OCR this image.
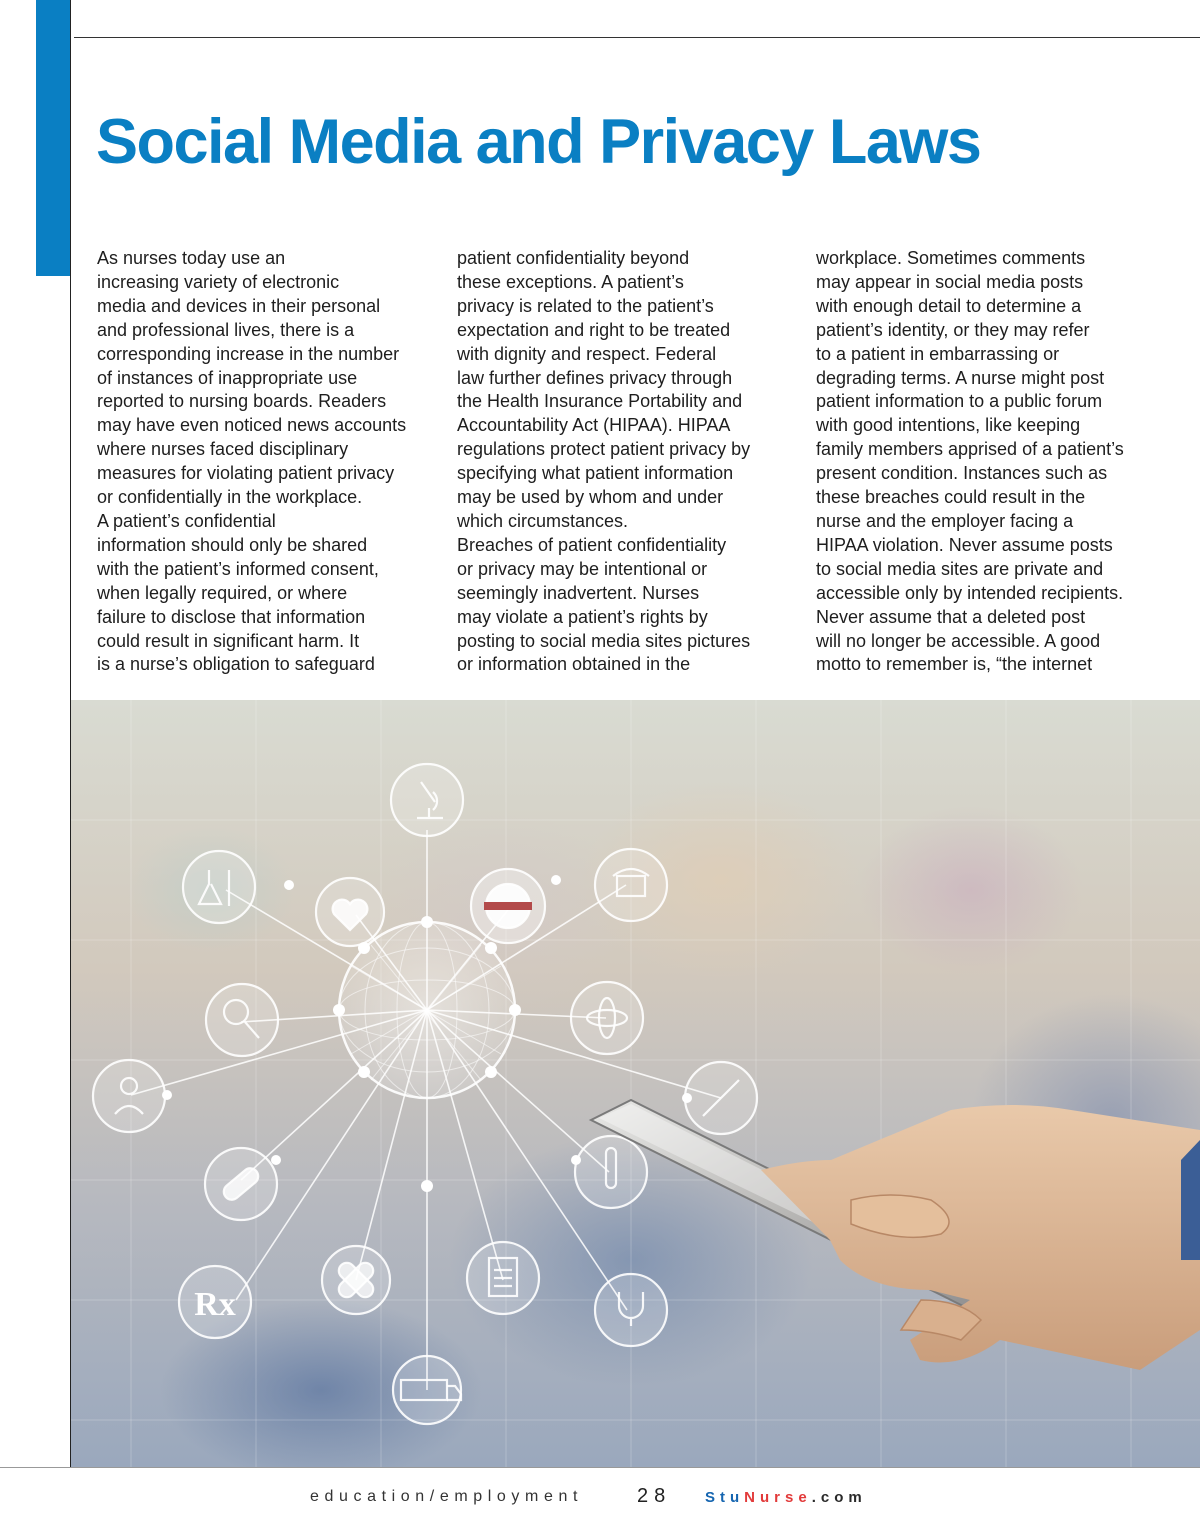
Social Media and Privacy Laws

As nurses today use an
increasing variety of electronic
media and devices in their personal
and professional lives, there is a
corresponding increase in the number
of instances of inappropriate use
reported to nursing boards. Readers
may have even noticed news accounts
where nurses faced disciplinary
measures for violating patient privacy
or confidentially in the workplace.

A patient’s confidential
information should only be shared
with the patient’s informed consent,
when legally required, or where
failure to disclose that information
could result in significant harm. It
is a nurse’s obligation to safeguard

patient confidentiality beyond
these exceptions. A patient’s
privacy is related to the patient’s
expectation and right to be treated
with dignity and respect. Federal
law further defines privacy through
the Health Insurance Portability and
Accountability Act (HIPAA). HIPAA
regulations protect patient privacy by
specifying what patient information
may be used by whom and under
which circumstances.

Breaches of patient confidentiality
or privacy may be intentional or
seemingly inadvertent. Nurses
may violate a patient’s rights by
posting to social media sites pictures
or information obtained in the

workplace. Sometimes comments
may appear in social media posts
with enough detail to determine a
patient’s identity, or they may refer
to a patient in embarrassing or
degrading terms. A nurse might post
patient information to a public forum
with good intentions, like keeping
family members apprised of a patient’s
present condition. Instances such as
these breaches could result in the
nurse and the employer facing a
HIPAA violation. Never assume posts
to social media sites are private and
accessible only by intended recipients.
Never assume that a deleted post
will no longer be accessible. A good
motto to remember is, “the internet

Rx
education/employment	28 StuNurse.com
